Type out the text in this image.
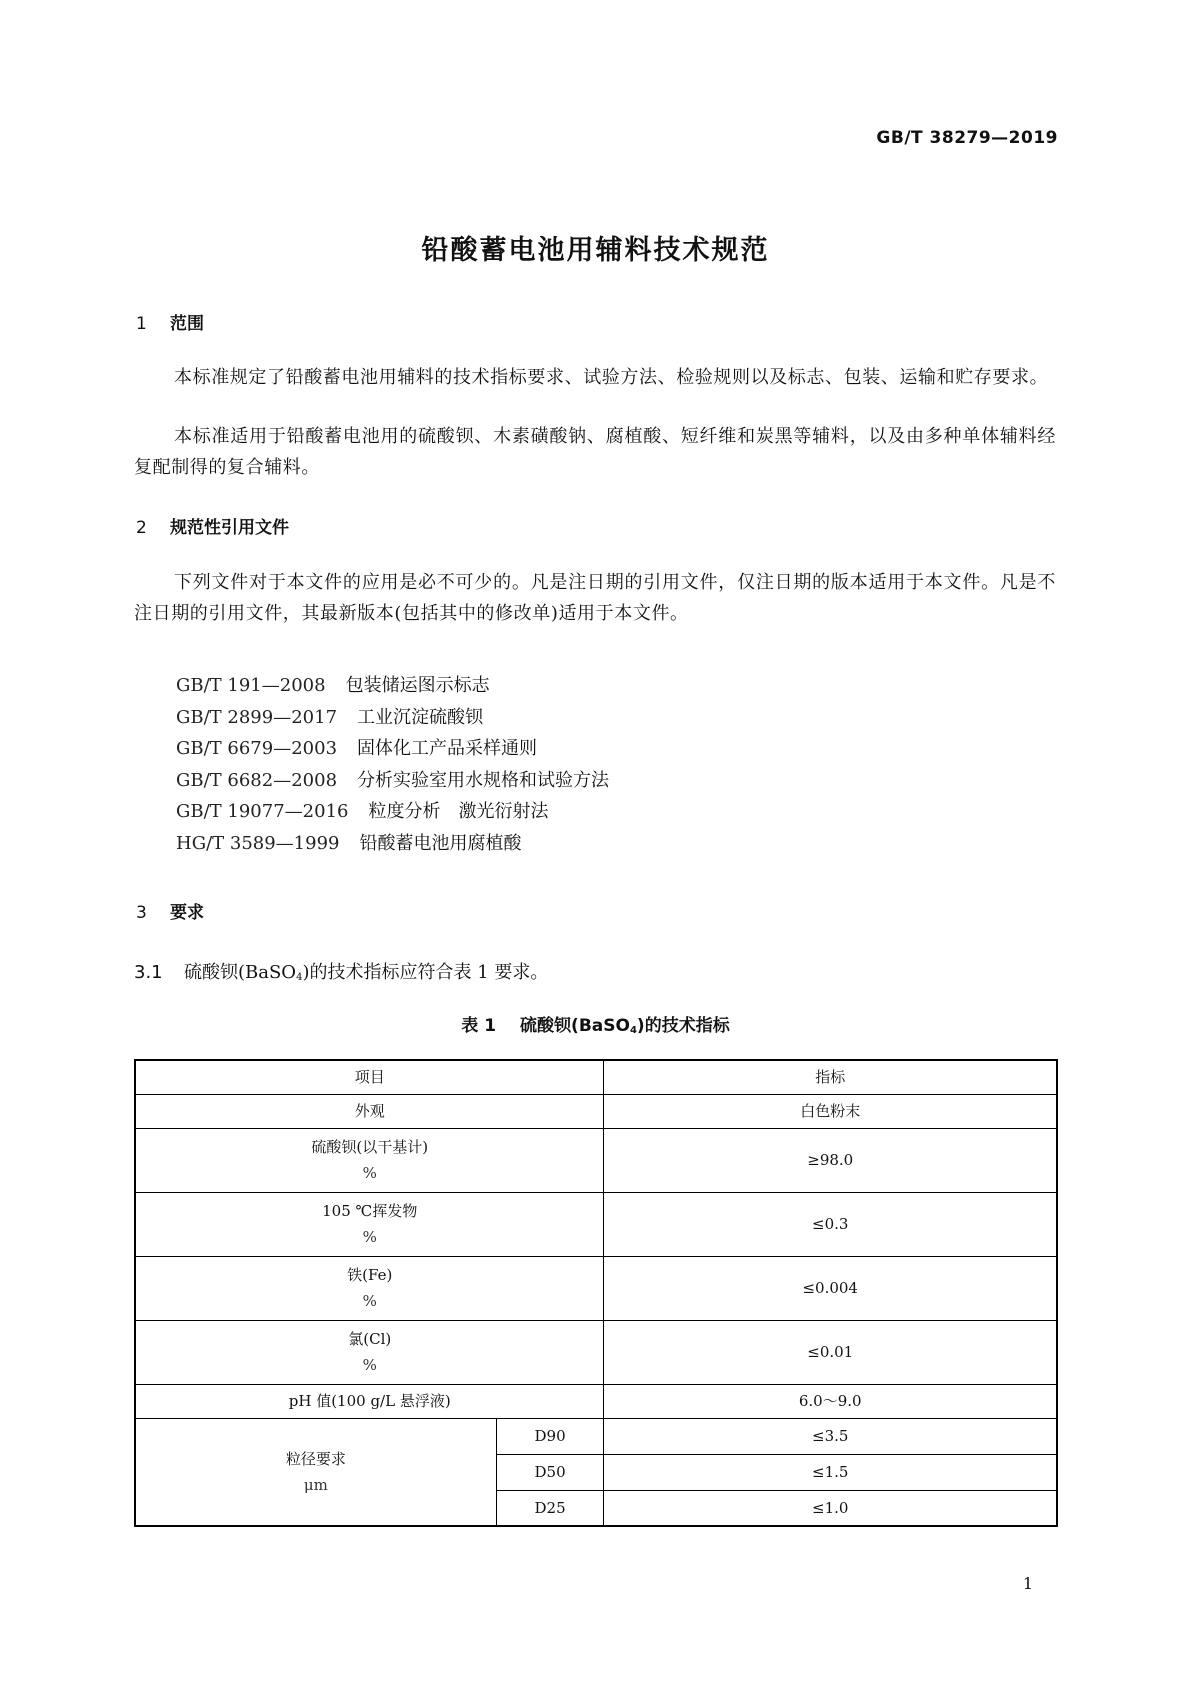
GB/T 38279—2019
铅酸蓄电池用辅料技术规范
1 范围

本标准规定了铅酸蓄电池用辅料的技术指标要求、试验方法、检验规则以及标志、包装、运输和贮存要求。

本标准适用于铅酸蓄电池用的硫酸钡、木素磺酸钠、腐植酸、短纤维和炭黑等辅料，以及由多种单体辅料经复配制得的复合辅料。

2 规范性引用文件

下列文件对于本文件的应用是必不可少的。凡是注日期的引用文件，仅注日期的版本适用于本文件。凡是不注日期的引用文件，其最新版本(包括其中的修改单)适用于本文件。

GB/T 191—2008 包装储运图示标志
GB/T 2899—2017 工业沉淀硫酸钡
GB/T 6679—2003 固体化工产品采样通则
GB/T 6682—2008 分析实验室用水规格和试验方法
GB/T 19077—2016 粒度分析　激光衍射法
HG/T 3589—1999 铅酸蓄电池用腐植酸
3 要求
3.1 硫酸钡(BaSO$_4$)的技术指标应符合表 1 要求。
表 1 硫酸钡(BaSO$_4$)的技术指标
项目		指标
外观		白色粉末
硫酸钡(以干基计)
%		≥98.0
105 ℃挥发物
%		≤0.3
铁(Fe)
%		≤0.004
氯(Cl)
%		≤0.01
pH 值(100 g/L 悬浮液)		6.0～9.0
粒径要求
μm	D90	≤3.5
	D50	≤1.5
	D25	≤1.0
1
